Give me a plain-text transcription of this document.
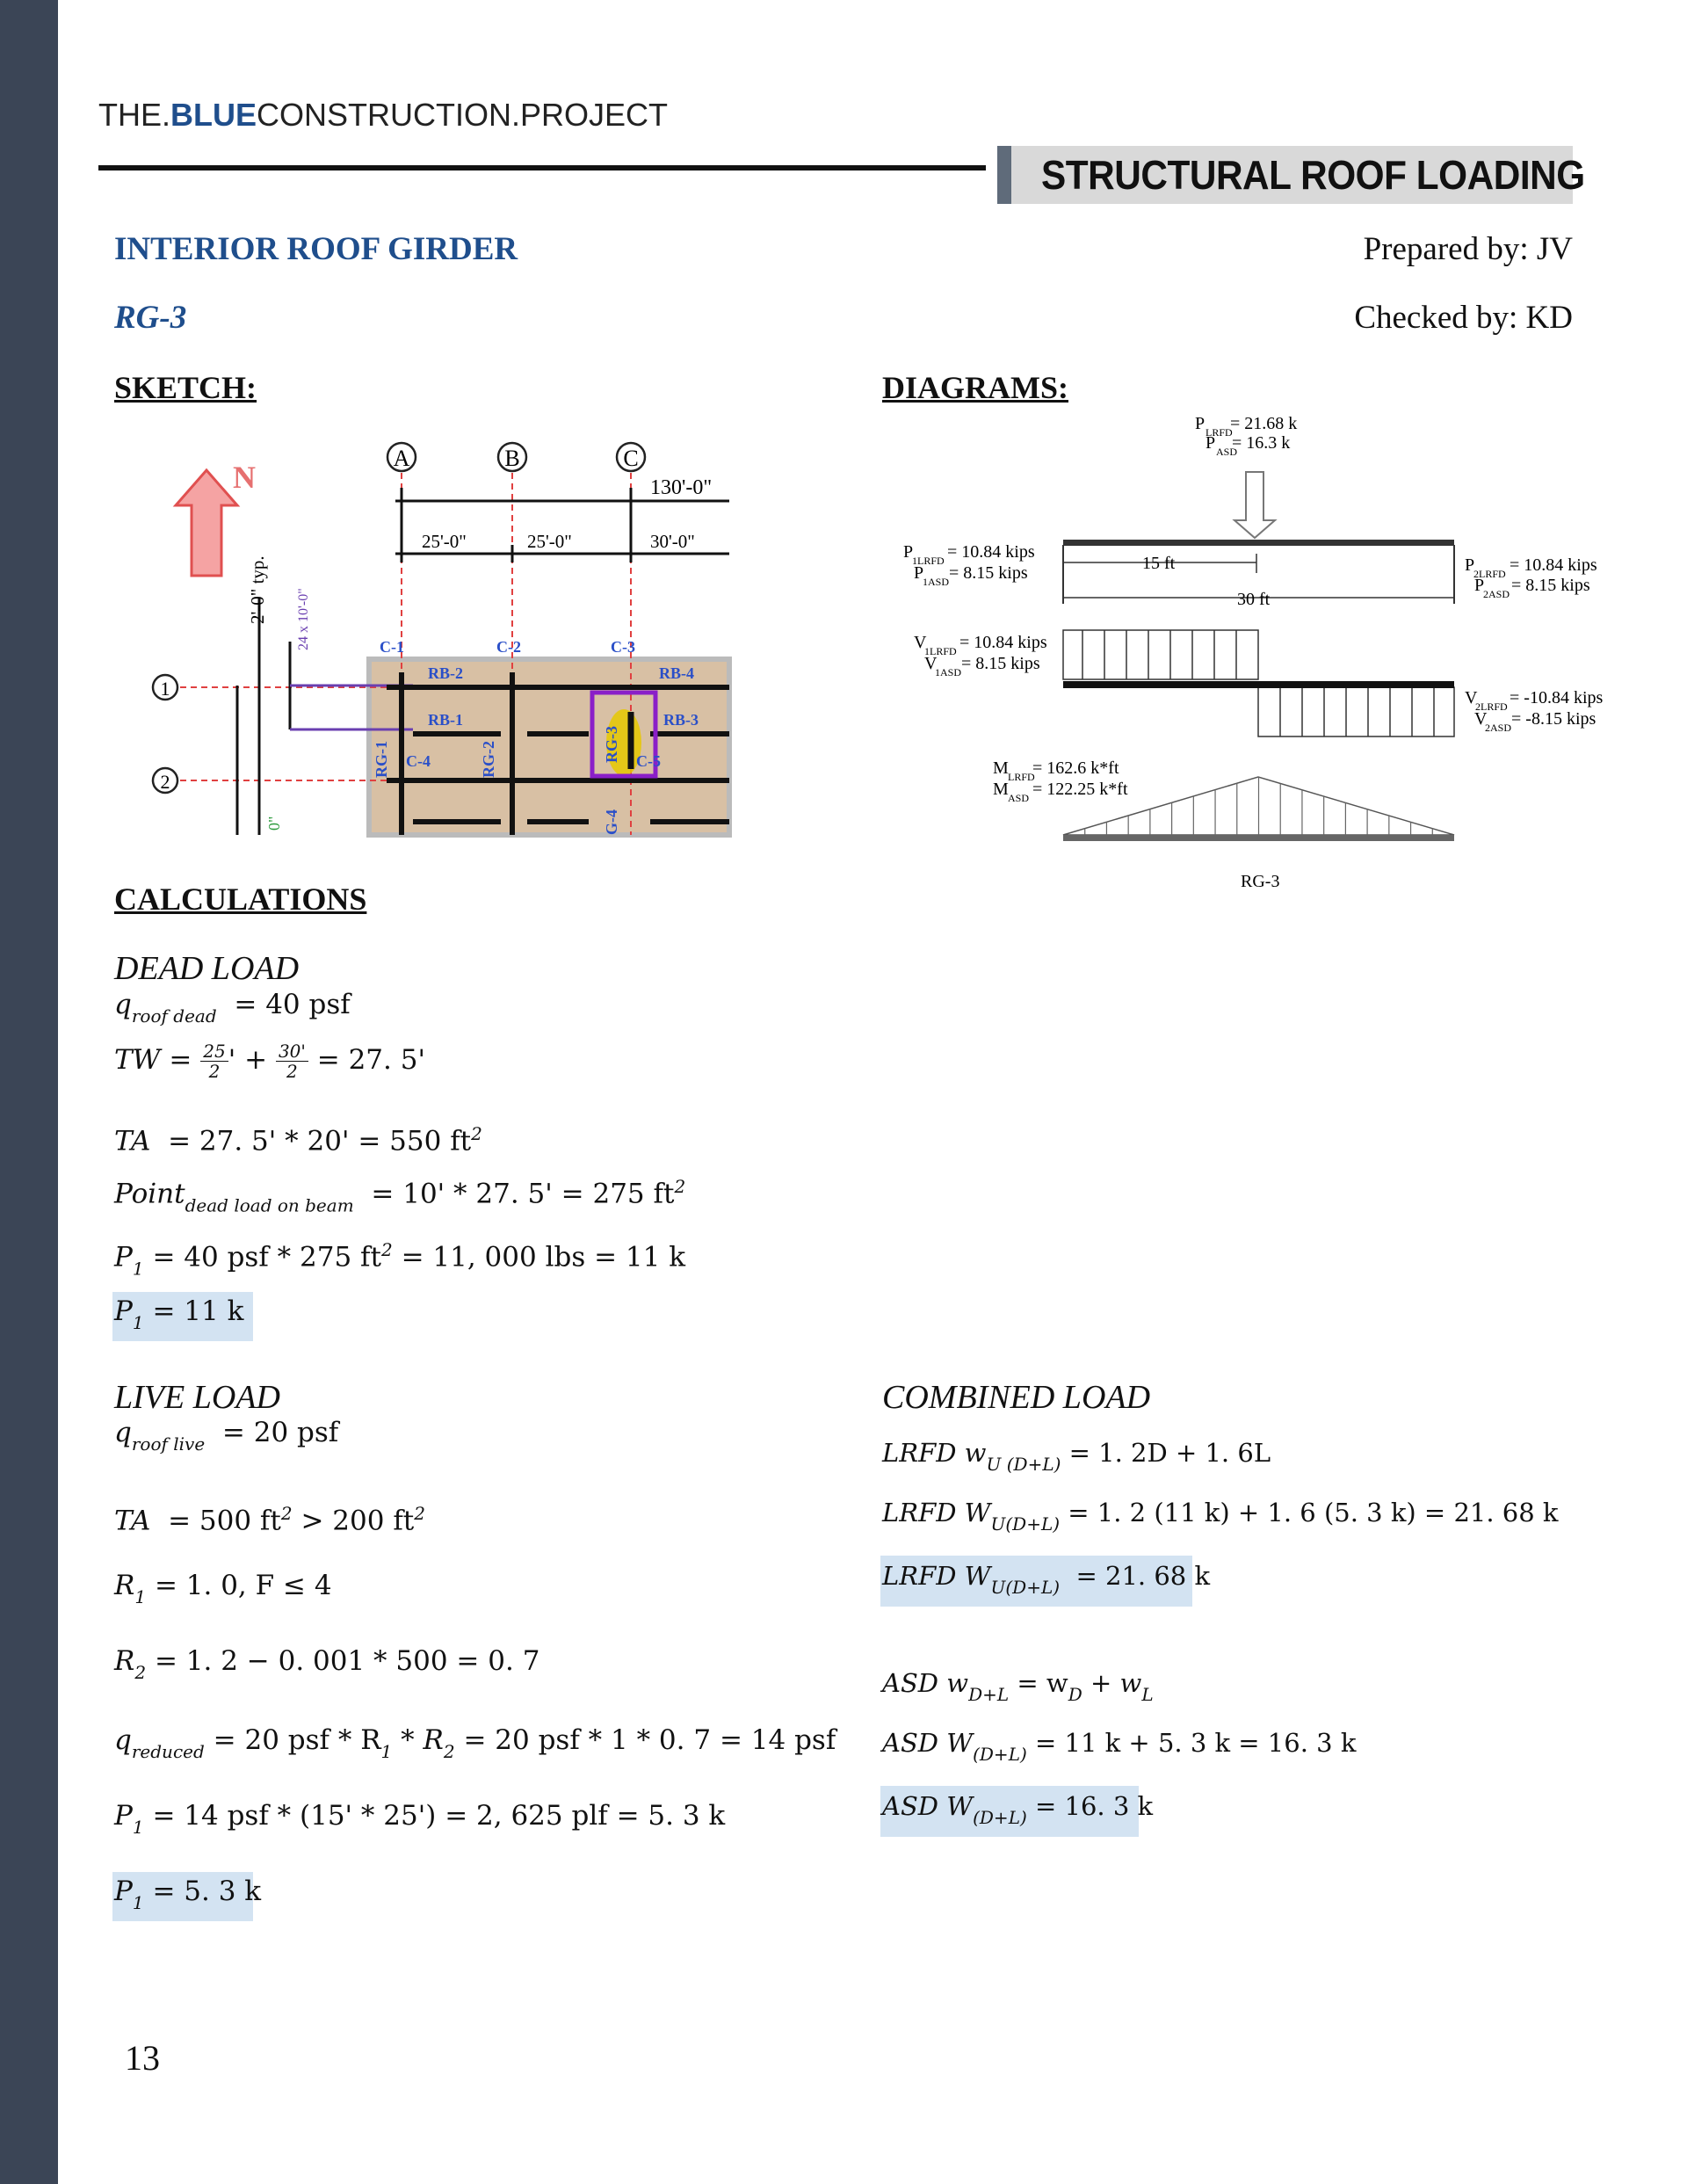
THE.BLUECONSTRUCTION.PROJECT
STRUCTURAL ROOF LOADING
INTERIOR ROOF GIRDER	Prepared by: JV
RG-3	Checked by: KD
SKETCH:	DIAGRAMS:
N
A	B	C
1
2
130'-0"
25'-0"	25'-0"	30'-0"
2'-0" typ. 24 x 10'-0"	C-1	C-2	C-3
C-4	C-5
RB-2	RB-4
RB-1	RB-3
RG-1	RG-2	RG-3
G-4
0"
P LRFD
= 21.68 k
P ASD
= 16.3 k
P
1LRFD = 10.84 kips
P
1ASD = 8.15 kips	P
2LRFD = 10.84 kips
P
2ASD = 8.15 kips
15 ft
30 ft
V
1LRFD = 10.84 kips
V
1ASD = 8.15 kips
V
2LRFD = -10.84 kips
V
2ASD = -8.15 kips
M LRFD
= 162.6 k*ft
M ASD = 122.25 k*ft
RG-3
CALCULATIONS
DEAD LOAD
$q_{roof dead} = 40$ psf
TW = $\frac{25}{2}' + \frac{30'}{2} = 27$. 5'
TA  = 27. 5' * 20' = 550 $ft^2$
Point$_{dead load on beam}$ = 10' * 27. 5' = 275 $ft^2$
$P_1 = 40$ psf * 275 $ft^2 = 11$, 000 lbs = 11 k
$P_1 = 11$ k
LIVE LOAD
$q_{roof live} = 20$ psf
TA  = 500 $ft^2 > 200$ $ft^2$
$R_1 = 1$. 0, F ≤ 4
$R_2 = 1$. 2 − 0. 001 * 500 = 0. 7
$q_{reduced} = 20$ psf * $R_1 * R_2 = 20$ psf * 1 * 0. 7 = 14 psf
$P_1 = 14$ psf * (15' * 25') = 2, 625 plf = 5. 3 k
$P_1 = 5$. 3 k
COMBINED LOAD
LRFD $w_{U (D+L)} = 1$. 2D + 1. 6L
LRFD $W_{U(D+L)} = 1$. 2 (11 k) + 1. 6 (5. 3 k) = 21. 68 k
LRFD $W_{U(D+L)} = 21$. 68 k
ASD $w_{D+L} = w_D + w_L$
ASD $W_{(D+L)} = 11$ k + 5. 3 k = 16. 3 k
ASD $W_{(D+L)} = 16$. 3 k
13
